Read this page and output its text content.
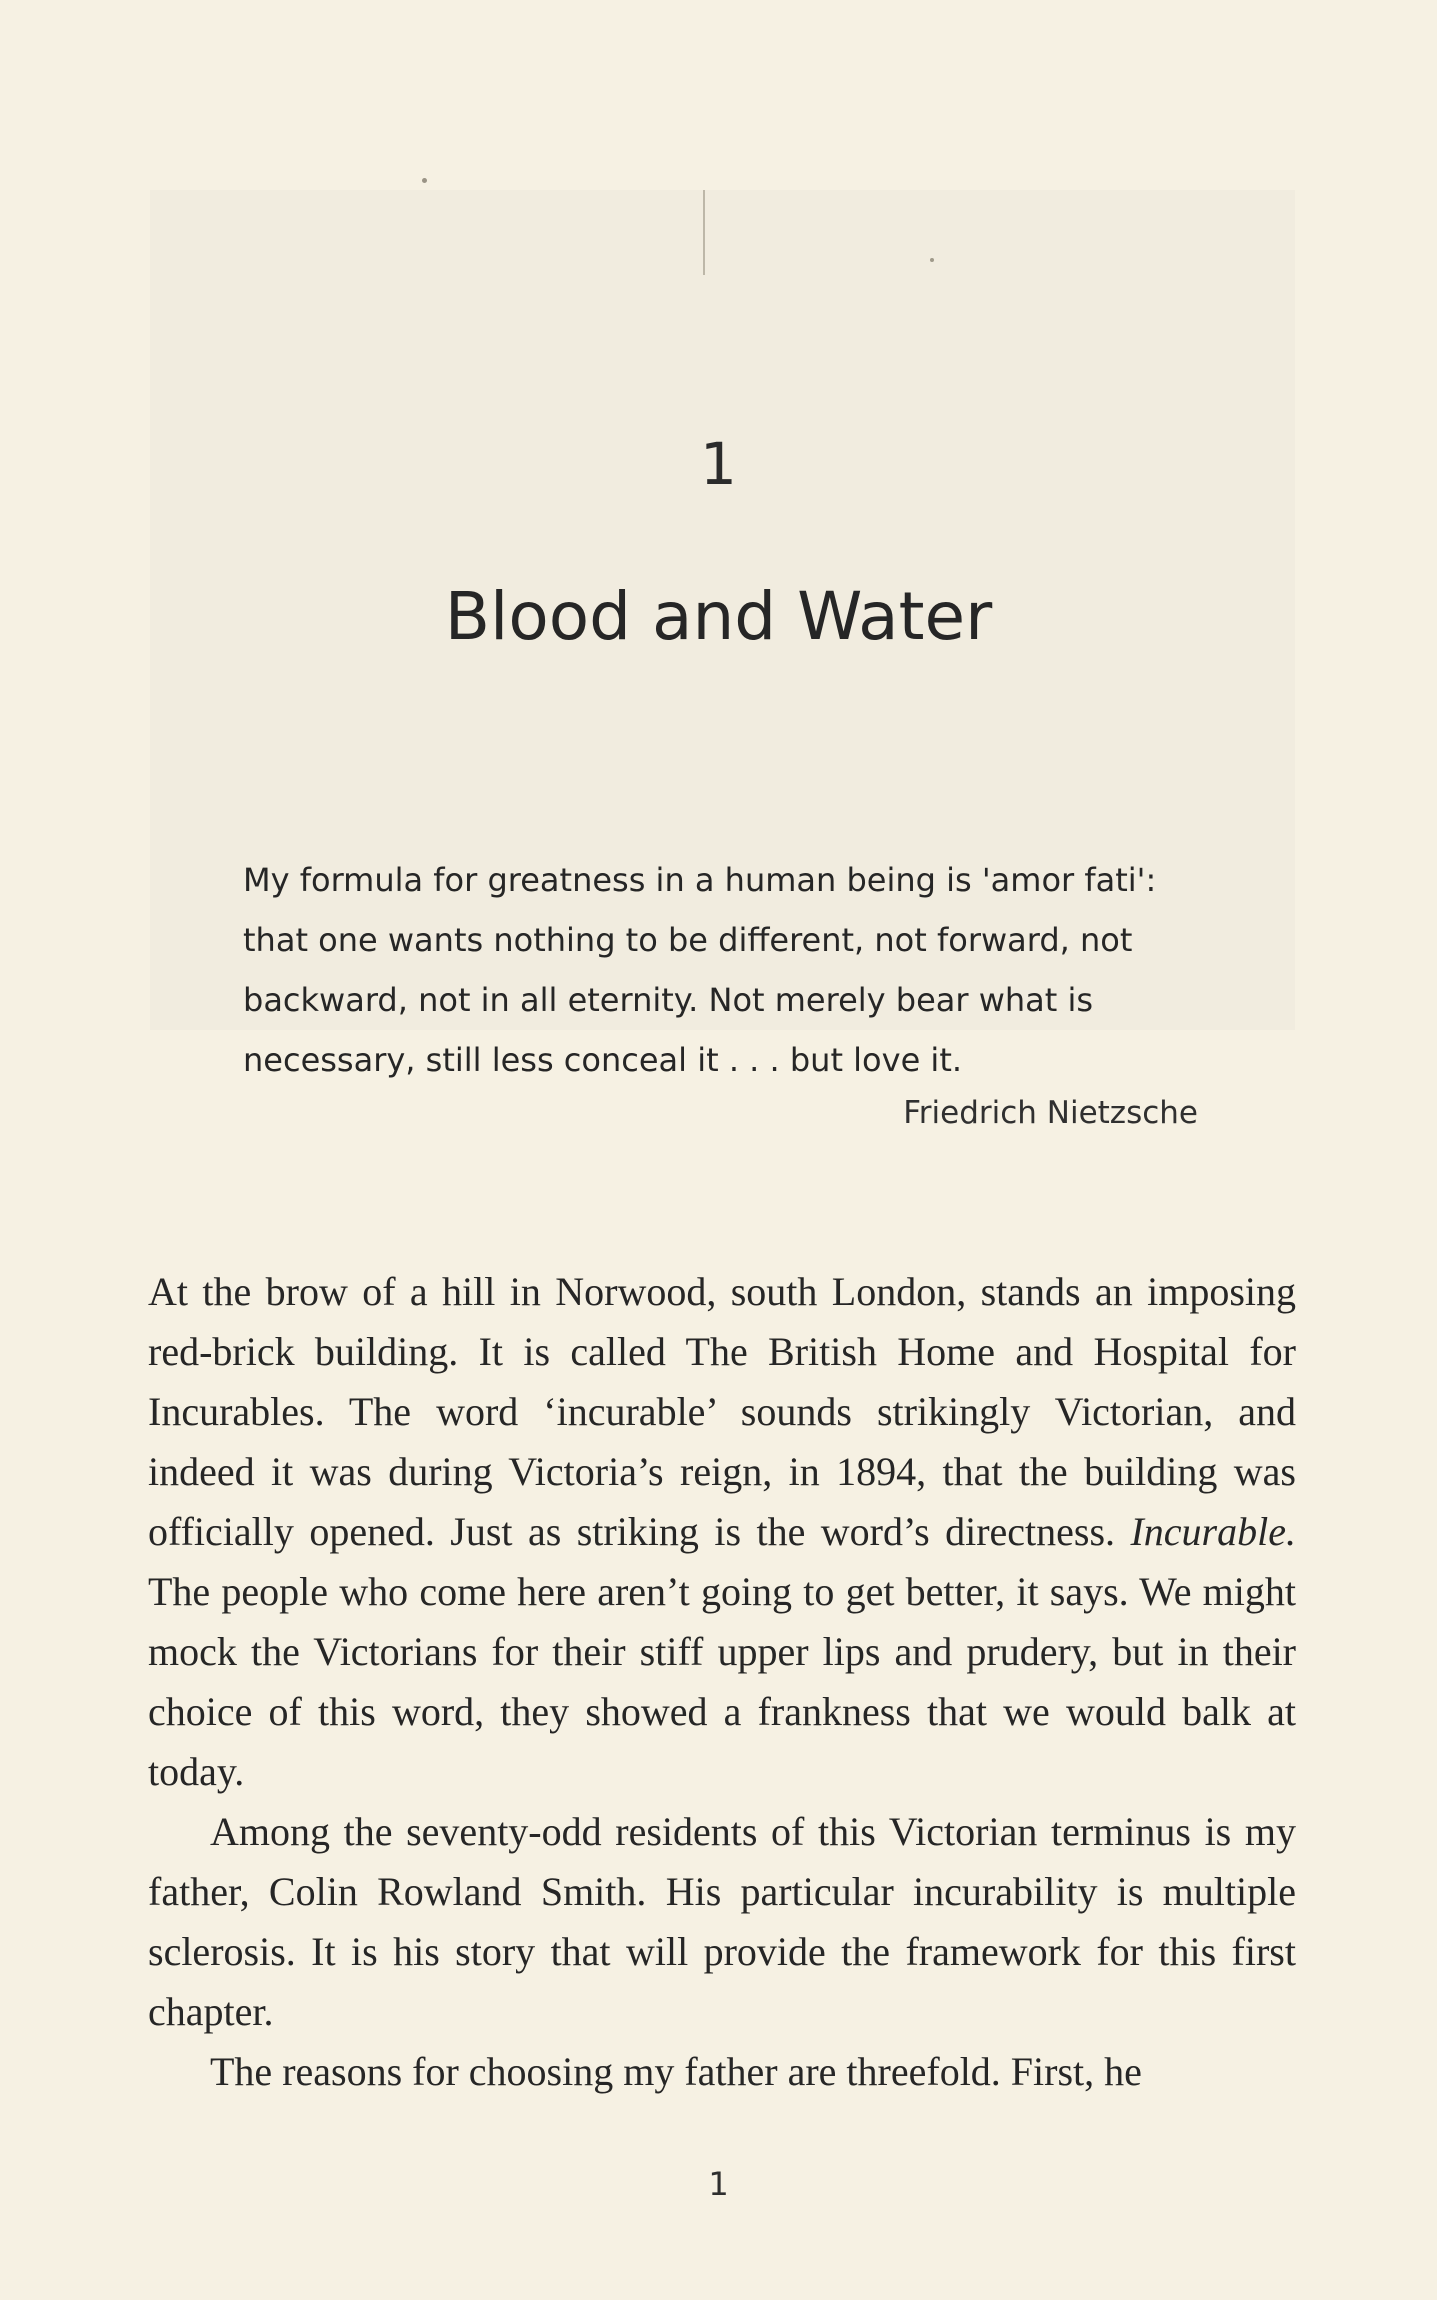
1
Blood and Water

My formula for greatness in a human being is 'amor fati': that one wants nothing to be different, not forward, not backward, not in all eternity. Not merely bear what is necessary, still less conceal it . . . but love it.

Friedrich Nietzsche

At the brow of a hill in Norwood, south London, stands an imposing red-brick building. It is called The British Home and Hospital for Incurables. The word ‘incurable’ sounds strikingly Victorian, and indeed it was during Victoria’s reign, in 1894, that the building was officially opened. Just as striking is the word’s directness. Incurable. The people who come here aren’t going to get better, it says. We might mock the Victorians for their stiff upper lips and prudery, but in their choice of this word, they showed a frankness that we would balk at today.

Among the seventy-odd residents of this Victorian terminus is my father, Colin Rowland Smith. His particular incurability is multiple sclerosis. It is his story that will provide the framework for this first chapter.

The reasons for choosing my father are threefold. First, he

1
